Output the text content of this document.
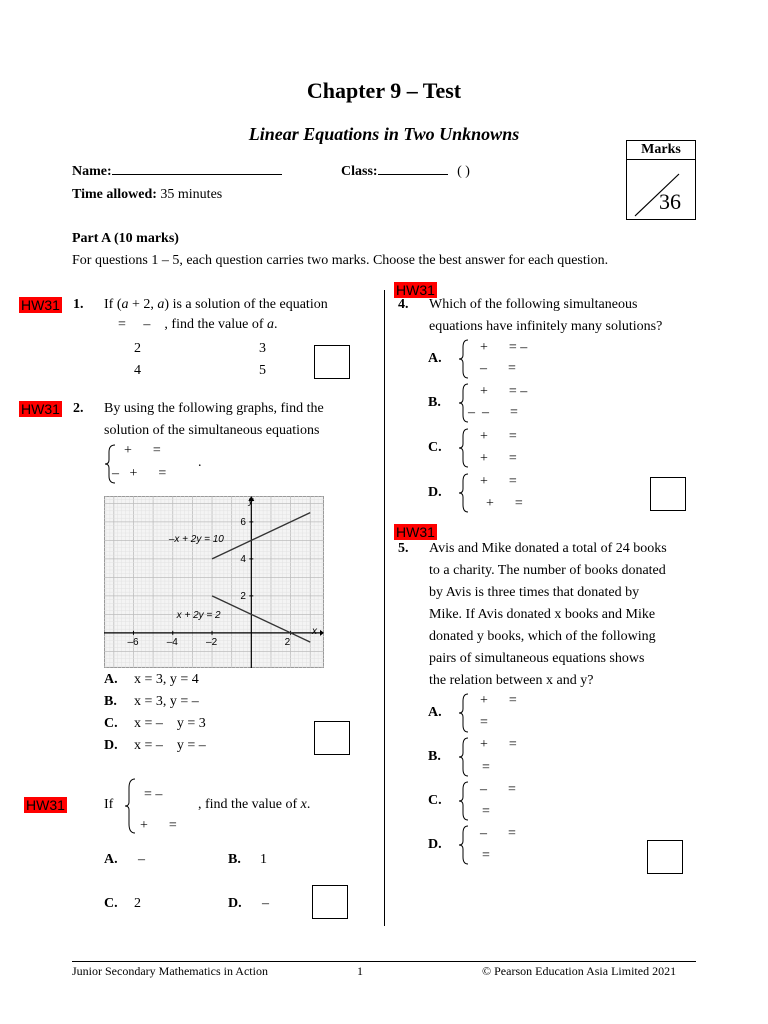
Chapter 9 – Test
Linear Equations in Two Unknowns
Marks
36
Name:	Class:	( )
Time allowed: 35 minutes
Part A (10 marks)
For questions 1 – 5, each question carries two marks. Choose the best answer for each question.
HW31 1. If (a + 2, a) is a solution of the equation
=     – , find the value of a.
2	3
4	5
HW31 2. By using the following graphs, find the
solution of the simultaneous equations
+      =
–   +      =
.
x
y
–6	–4	–2	2
6
4
2
–x + 2y = 10
x + 2y = 2
A. x = 3, y = 4
B. x = 3, y = –
C. x = –    y = 3
D. x = –    y = –
HW31	If
= –
+      =
, find the value of x.
A. –	B. 1
C. 2	D. –
HW31
4. Which of the following simultaneous
equations have infinitely many solutions?
A.
+      = –
–      =
B.
+      = –
–  –      =
C.
+      =
+      =
D.
+      =
+      =
HW31
5. Avis and Mike donated a total of 24 books
to a charity. The number of books donated
by Avis is three times that donated by
Mike. If Avis donated x books and Mike
donated y books, which of the following
pairs of simultaneous equations shows
the relation between x and y?
A.
+      =
=
B.
+      =
=
C.
–      =
=
D.
–      =
=
Junior Secondary Mathematics in Action	1	© Pearson Education Asia Limited 2021
